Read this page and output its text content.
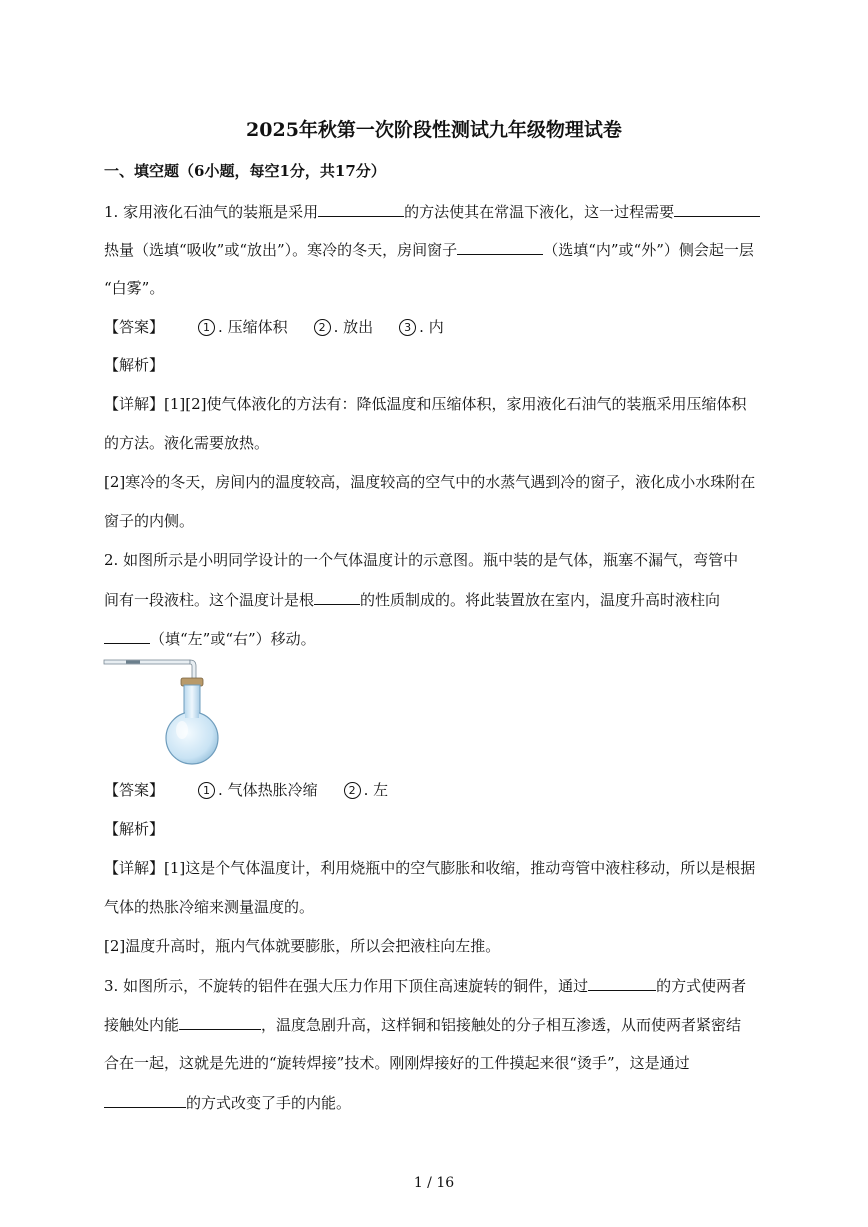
2025年秋第一次阶段性测试九年级物理试卷
一、填空题（6小题，每空1分，共17分）
1. 家用液化石油气的装瓶是采用	的方法使其在常温下液化，这一过程需要
热量（选填“吸收”或“放出”）。寒冷的冬天，房间窗子	（选填“内”或“外”）侧会起一层
“白雾”。
【答案】	1 . 压缩体积	2 . 放出	3 . 内
【解析】
【详解】[1][2]使气体液化的方法有：降低温度和压缩体积，家用液化石油气的装瓶采用压缩体积
的方法。液化需要放热。
[2]寒冷的冬天，房间内的温度较高，温度较高的空气中的水蒸气遇到冷的窗子，液化成小水珠附在
窗子的内侧。
2. 如图所示是小明同学设计的一个气体温度计的示意图。瓶中装的是气体，瓶塞不漏气，弯管中
间有一段液柱。这个温度计是根	的性质制成的。将此装置放在室内，温度升高时液柱向
（填“左”或“右”）移动。
【答案】	1 . 气体热胀冷缩	2 . 左
【解析】
【详解】[1]这是个气体温度计，利用烧瓶中的空气膨胀和收缩，推动弯管中液柱移动，所以是根据
气体的热胀冷缩来测量温度的。
[2]温度升高时，瓶内气体就要膨胀，所以会把液柱向左推。
3. 如图所示，不旋转的铝件在强大压力作用下顶住高速旋转的铜件，通过	的方式使两者
接触处内能	，温度急剧升高，这样铜和铝接触处的分子相互渗透，从而使两者紧密结
合在一起，这就是先进的“旋转焊接”技术。刚刚焊接好的工件摸起来很“烫手”，这是通过
的方式改变了手的内能。
1 / 16
